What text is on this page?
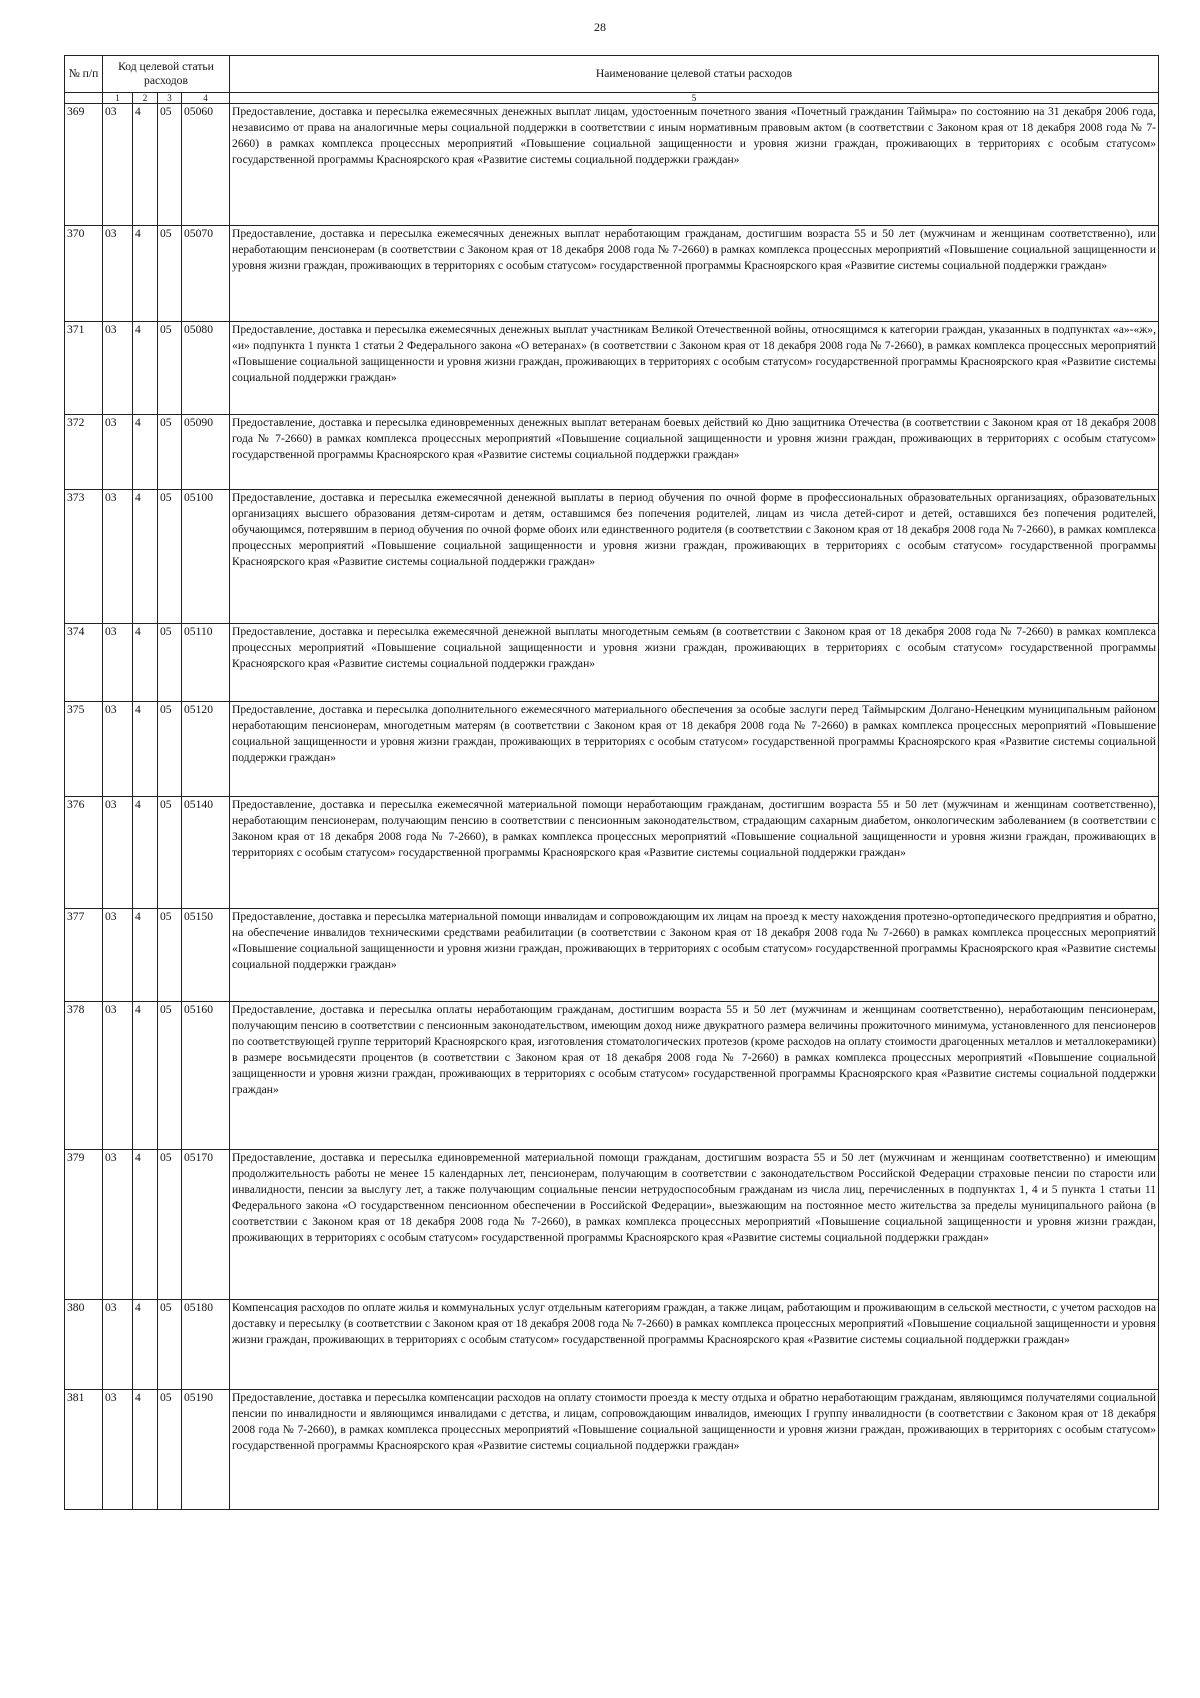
28
№ п/п	Код целевой статьи расходов				Наименование целевой статьи расходов

	1	2	3	4	5
369	03	4	05	05060	Предоставление, доставка и пересылка ежемесячных денежных выплат лицам, удостоенным почетного звания «Почетный гражданин Таймыра» по состоянию на 31 декабря 2006 года, независимо от права на аналогичные меры социальной поддержки в соответствии с иным нормативным правовым актом (в соответствии с Законом края от 18 декабря 2008 года № 7-2660) в рамках комплекса процессных мероприятий «Повышение социальной защищенности и уровня жизни граждан, проживающих в территориях с особым статусом» государственной программы Красноярского края «Развитие системы социальной поддержки граждан»
370	03	4	05	05070	Предоставление, доставка и пересылка ежемесячных денежных выплат неработающим гражданам, достигшим возраста 55 и 50 лет (мужчинам и женщинам соответственно), или неработающим пенсионерам (в соответствии с Законом края от 18 декабря 2008 года № 7-2660) в рамках комплекса процессных мероприятий «Повышение социальной защищенности и уровня жизни граждан, проживающих в территориях с особым статусом» государственной программы Красноярского края «Развитие системы социальной поддержки граждан»
371	03	4	05	05080	Предоставление, доставка и пересылка ежемесячных денежных выплат участникам Великой Отечественной войны, относящимся к категории граждан, указанных в подпунктах «а»-«ж», «и» подпункта 1 пункта 1 статьи 2 Федерального закона «О ветеранах» (в соответствии с Законом края от 18 декабря 2008 года № 7-2660), в рамках комплекса процессных мероприятий «Повышение социальной защищенности и уровня жизни граждан, проживающих в территориях с особым статусом» государственной программы Красноярского края «Развитие системы социальной поддержки граждан»
372	03	4	05	05090	Предоставление, доставка и пересылка единовременных денежных выплат ветеранам боевых действий ко Дню защитника Отечества (в соответствии с Законом края от 18 декабря 2008 года № 7-2660) в рамках комплекса процессных мероприятий «Повышение социальной защищенности и уровня жизни граждан, проживающих в территориях с особым статусом» государственной программы Красноярского края «Развитие системы социальной поддержки граждан»
373	03	4	05	05100	Предоставление, доставка и пересылка ежемесячной денежной выплаты в период обучения по очной форме в профессиональных образовательных организациях, образовательных организациях высшего образования детям-сиротам и детям, оставшимся без попечения родителей, лицам из числа детей-сирот и детей, оставшихся без попечения родителей, обучающимся, потерявшим в период обучения по очной форме обоих или единственного родителя (в соответствии с Законом края от 18 декабря 2008 года № 7-2660), в рамках комплекса процессных мероприятий «Повышение социальной защищенности и уровня жизни граждан, проживающих в территориях с особым статусом» государственной программы Красноярского края «Развитие системы социальной поддержки граждан»
374	03	4	05	05110	Предоставление, доставка и пересылка ежемесячной денежной выплаты многодетным семьям (в соответствии с Законом края от 18 декабря 2008 года № 7-2660) в рамках комплекса процессных мероприятий «Повышение социальной защищенности и уровня жизни граждан, проживающих в территориях с особым статусом» государственной программы Красноярского края «Развитие системы социальной поддержки граждан»
375	03	4	05	05120	Предоставление, доставка и пересылка дополнительного ежемесячного материального обеспечения за особые заслуги перед Таймырским Долгано-Ненецким муниципальным районом неработающим пенсионерам, многодетным матерям (в соответствии с Законом края от 18 декабря 2008 года № 7-2660) в рамках комплекса процессных мероприятий «Повышение социальной защищенности и уровня жизни граждан, проживающих в территориях с особым статусом» государственной программы Красноярского края «Развитие системы социальной поддержки граждан»
376	03	4	05	05140	Предоставление, доставка и пересылка ежемесячной материальной помощи неработающим гражданам, достигшим возраста 55 и 50 лет (мужчинам и женщинам соответственно), неработающим пенсионерам, получающим пенсию в соответствии с пенсионным законодательством, страдающим сахарным диабетом, онкологическим заболеванием (в соответствии с Законом края от 18 декабря 2008 года № 7-2660), в рамках комплекса процессных мероприятий «Повышение социальной защищенности и уровня жизни граждан, проживающих в территориях с особым статусом» государственной программы Красноярского края «Развитие системы социальной поддержки граждан»
377	03	4	05	05150	Предоставление, доставка и пересылка материальной помощи инвалидам и сопровождающим их лицам на проезд к месту нахождения протезно-ортопедического предприятия и обратно, на обеспечение инвалидов техническими средствами реабилитации (в соответствии с Законом края от 18 декабря 2008 года № 7-2660) в рамках комплекса процессных мероприятий «Повышение социальной защищенности и уровня жизни граждан, проживающих в территориях с особым статусом» государственной программы Красноярского края «Развитие системы социальной поддержки граждан»
378	03	4	05	05160	Предоставление, доставка и пересылка оплаты неработающим гражданам, достигшим возраста 55 и 50 лет (мужчинам и женщинам соответственно), неработающим пенсионерам, получающим пенсию в соответствии с пенсионным законодательством, имеющим доход ниже двукратного размера величины прожиточного минимума, установленного для пенсионеров по соответствующей группе территорий Красноярского края, изготовления стоматологических протезов (кроме расходов на оплату стоимости драгоценных металлов и металлокерамики) в размере восьмидесяти процентов (в соответствии с Законом края от 18 декабря 2008 года № 7-2660) в рамках комплекса процессных мероприятий «Повышение социальной защищенности и уровня жизни граждан, проживающих в территориях с особым статусом» государственной программы Красноярского края «Развитие системы социальной поддержки граждан»
379	03	4	05	05170	Предоставление, доставка и пересылка единовременной материальной помощи гражданам, достигшим возраста 55 и 50 лет (мужчинам и женщинам соответственно) и имеющим продолжительность работы не менее 15 календарных лет, пенсионерам, получающим в соответствии с законодательством Российской Федерации страховые пенсии по старости или инвалидности, пенсии за выслугу лет, а также получающим социальные пенсии нетрудоспособным гражданам из числа лиц, перечисленных в подпунктах 1, 4 и 5 пункта 1 статьи 11 Федерального закона «О государственном пенсионном обеспечении в Российской Федерации», выезжающим на постоянное место жительства за пределы муниципального района (в соответствии с Законом края от 18 декабря 2008 года № 7-2660), в рамках комплекса процессных мероприятий «Повышение социальной защищенности и уровня жизни граждан, проживающих в территориях с особым статусом» государственной программы Красноярского края «Развитие системы социальной поддержки граждан»
380	03	4	05	05180	Компенсация расходов по оплате жилья и коммунальных услуг отдельным категориям граждан, а также лицам, работающим и проживающим в сельской местности, с учетом расходов на доставку и пересылку (в соответствии с Законом края от 18 декабря 2008 года № 7-2660) в рамках комплекса процессных мероприятий «Повышение социальной защищенности и уровня жизни граждан, проживающих в территориях с особым статусом» государственной программы Красноярского края «Развитие системы социальной поддержки граждан»
381	03	4	05	05190	Предоставление, доставка и пересылка компенсации расходов на оплату стоимости проезда к месту отдыха и обратно неработающим гражданам, являющимся получателями социальной пенсии по инвалидности и являющимся инвалидами с детства, и лицам, сопровождающим инвалидов, имеющих I группу инвалидности (в соответствии с Законом края от 18 декабря 2008 года № 7-2660), в рамках комплекса процессных мероприятий «Повышение социальной защищенности и уровня жизни граждан, проживающих в территориях с особым статусом» государственной программы Красноярского края «Развитие системы социальной поддержки граждан»
